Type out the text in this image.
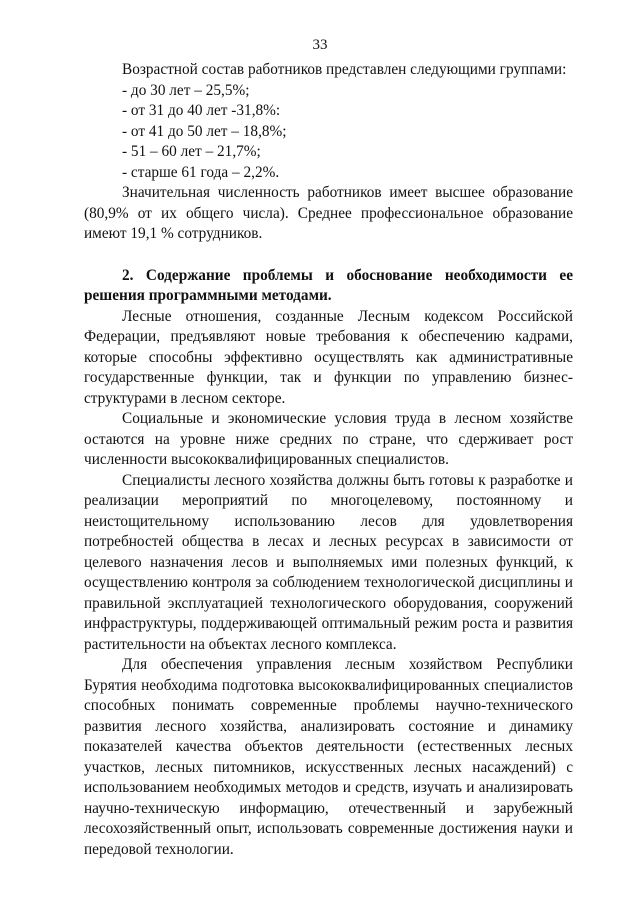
33

Возрастной состав работников представлен следующими группами:

- до 30 лет – 25,5%;

- от 31 до 40 лет -31,8%:

- от 41 до 50 лет – 18,8%;

- 51 – 60 лет – 21,7%;

- старше 61 года – 2,2%.

Значительная численность работников имеет высшее образование (80,9% от их общего числа). Среднее профессиональное образование имеют 19,1 % сотрудников.

2. Содержание проблемы и обоснование необходимости ее решения программными методами.

Лесные отношения, созданные Лесным кодексом Российской Федерации, предъявляют новые требования к обеспечению кадрами, которые способны эффективно осуществлять как административные государственные функции, так и функции по управлению бизнес-структурами в лесном секторе.

Социальные и экономические условия труда в лесном хозяйстве остаются на уровне ниже средних по стране, что сдерживает рост численности высококвалифицированных специалистов.

Специалисты лесного хозяйства должны быть готовы к разработке и реализации мероприятий по многоцелевому, постоянному и неистощительному использованию лесов для удовлетворения потребностей общества в лесах и лесных ресурсах в зависимости от целевого назначения лесов и выполняемых ими полезных функций, к осуществлению контроля за соблюдением технологической дисциплины и правильной эксплуатацией технологического оборудования, сооружений инфраструктуры, поддерживающей оптимальный режим роста и развития растительности на объектах лесного комплекса.

Для обеспечения управления лесным хозяйством Республики Бурятия необходима подготовка высококвалифицированных специалистов способных понимать современные проблемы научно-технического развития лесного хозяйства, анализировать состояние и динамику показателей качества объектов деятельности (естественных лесных участков, лесных питомников, искусственных лесных насаждений) с использованием необходимых методов и средств, изучать и анализировать научно-техническую информацию, отечественный и зарубежный лесохозяйственный опыт, использовать современные достижения науки и передовой технологии.
